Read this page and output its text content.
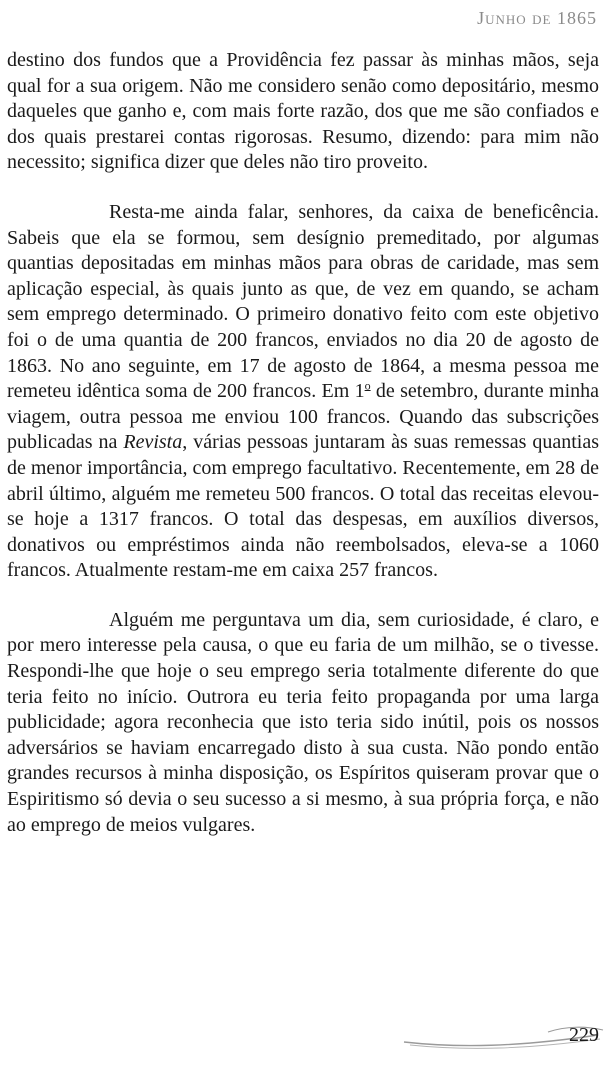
Junho de 1865

destino dos fundos que a Providência fez passar às minhas mãos, seja qual for a sua origem. Não me considero senão como depositário, mesmo daqueles que ganho e, com mais forte razão, dos que me são confiados e dos quais prestarei contas rigorosas. Resumo, dizendo: para mim não necessito; significa dizer que deles não tiro proveito.

Resta-me ainda falar, senhores, da caixa de beneficência. Sabeis que ela se formou, sem desígnio premeditado, por algumas quantias depositadas em minhas mãos para obras de caridade, mas sem aplicação especial, às quais junto as que, de vez em quando, se acham sem emprego determinado. O primeiro donativo feito com este objetivo foi o de uma quantia de 200 francos, enviados no dia 20 de agosto de 1863. No ano seguinte, em 17 de agosto de 1864, a mesma pessoa me remeteu idêntica soma de 200 francos. Em 1$^o$ de setembro, durante minha viagem, outra pessoa me enviou 100 francos. Quando das subscrições publicadas na Revista, várias pessoas juntaram às suas remessas quantias de menor importância, com emprego facultativo. Recentemente, em 28 de abril último, alguém me remeteu 500 francos. O total das receitas elevou-se hoje a 1317 francos. O total das despesas, em auxílios diversos, donativos ou empréstimos ainda não reembolsados, eleva-se a 1060 francos. Atualmente restam-me em caixa 257 francos.

Alguém me perguntava um dia, sem curiosidade, é claro, e por mero interesse pela causa, o que eu faria de um milhão, se o tivesse. Respondi-lhe que hoje o seu emprego seria totalmente diferente do que teria feito no início. Outrora eu teria feito propaganda por uma larga publicidade; agora reconhecia que isto teria sido inútil, pois os nossos adversários se haviam encarregado disto à sua custa. Não pondo então grandes recursos à minha disposição, os Espíritos quiseram provar que o Espiritismo só devia o seu sucesso a si mesmo, à sua própria força, e não ao emprego de meios vulgares.

229
